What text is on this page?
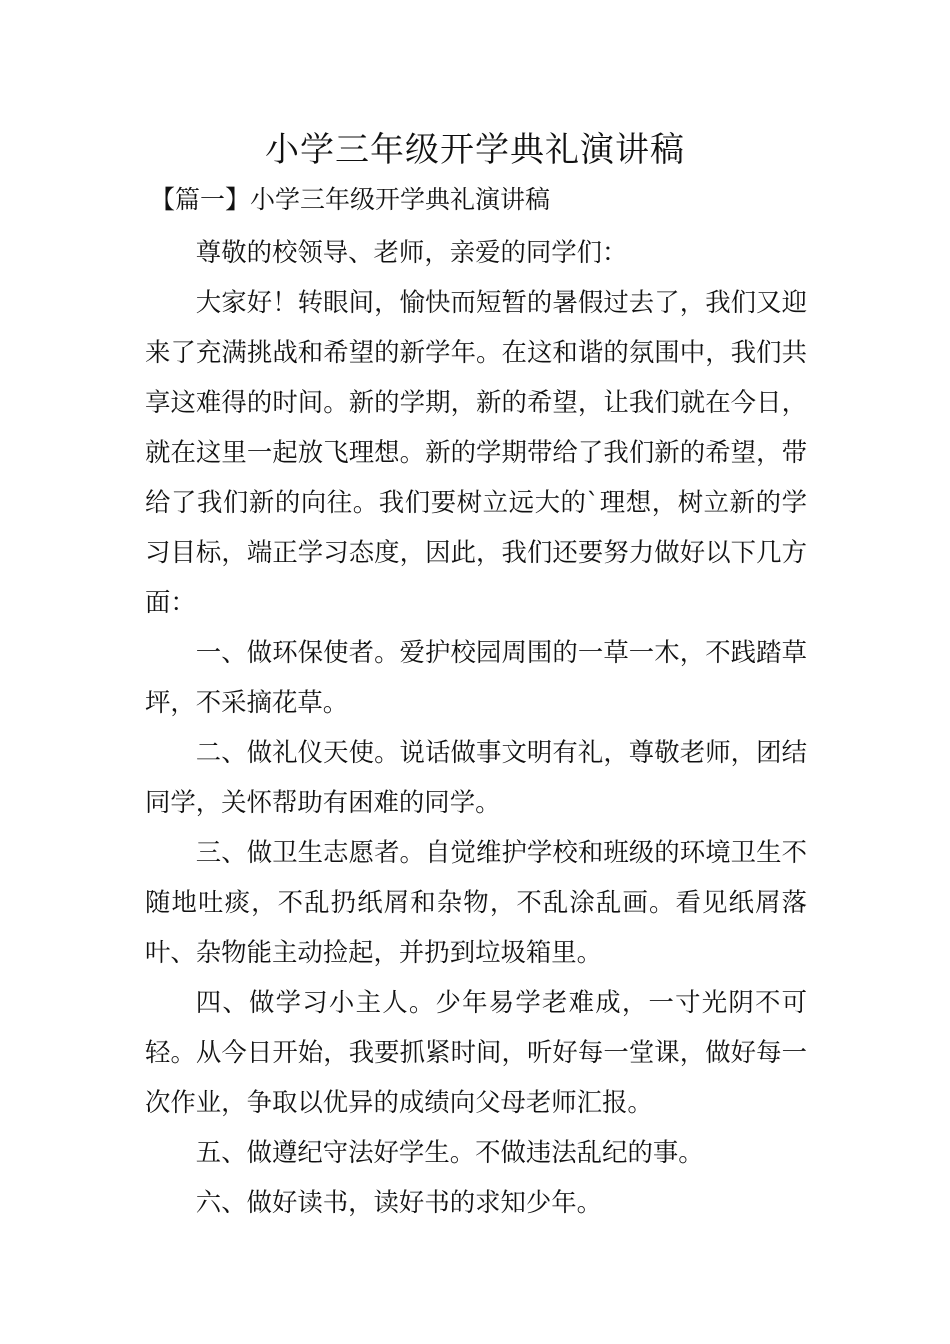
小学三年级开学典礼演讲稿

【篇一】小学三年级开学典礼演讲稿

尊敬的校领导、老师，亲爱的同学们：

大家好！转眼间，愉快而短暂的暑假过去了，我们又迎来了充满挑战和希望的新学年。在这和谐的氛围中，我们共享这难得的时间。新的学期，新的希望，让我们就在今日，就在这里一起放飞理想。新的学期带给了我们新的希望，带给了我们新的向往。我们要树立远大的`理想，树立新的学习目标，端正学习态度，因此，我们还要努力做好以下几方面：

一、做环保使者。爱护校园周围的一草一木，不践踏草坪，不采摘花草。

二、做礼仪天使。说话做事文明有礼，尊敬老师，团结同学，关怀帮助有困难的同学。

三、做卫生志愿者。自觉维护学校和班级的环境卫生不随地吐痰，不乱扔纸屑和杂物，不乱涂乱画。看见纸屑落叶、杂物能主动捡起，并扔到垃圾箱里。

四、做学习小主人。少年易学老难成，一寸光阴不可轻。从今日开始，我要抓紧时间，听好每一堂课，做好每一次作业，争取以优异的成绩向父母老师汇报。

五、做遵纪守法好学生。不做违法乱纪的事。

六、做好读书，读好书的求知少年。
